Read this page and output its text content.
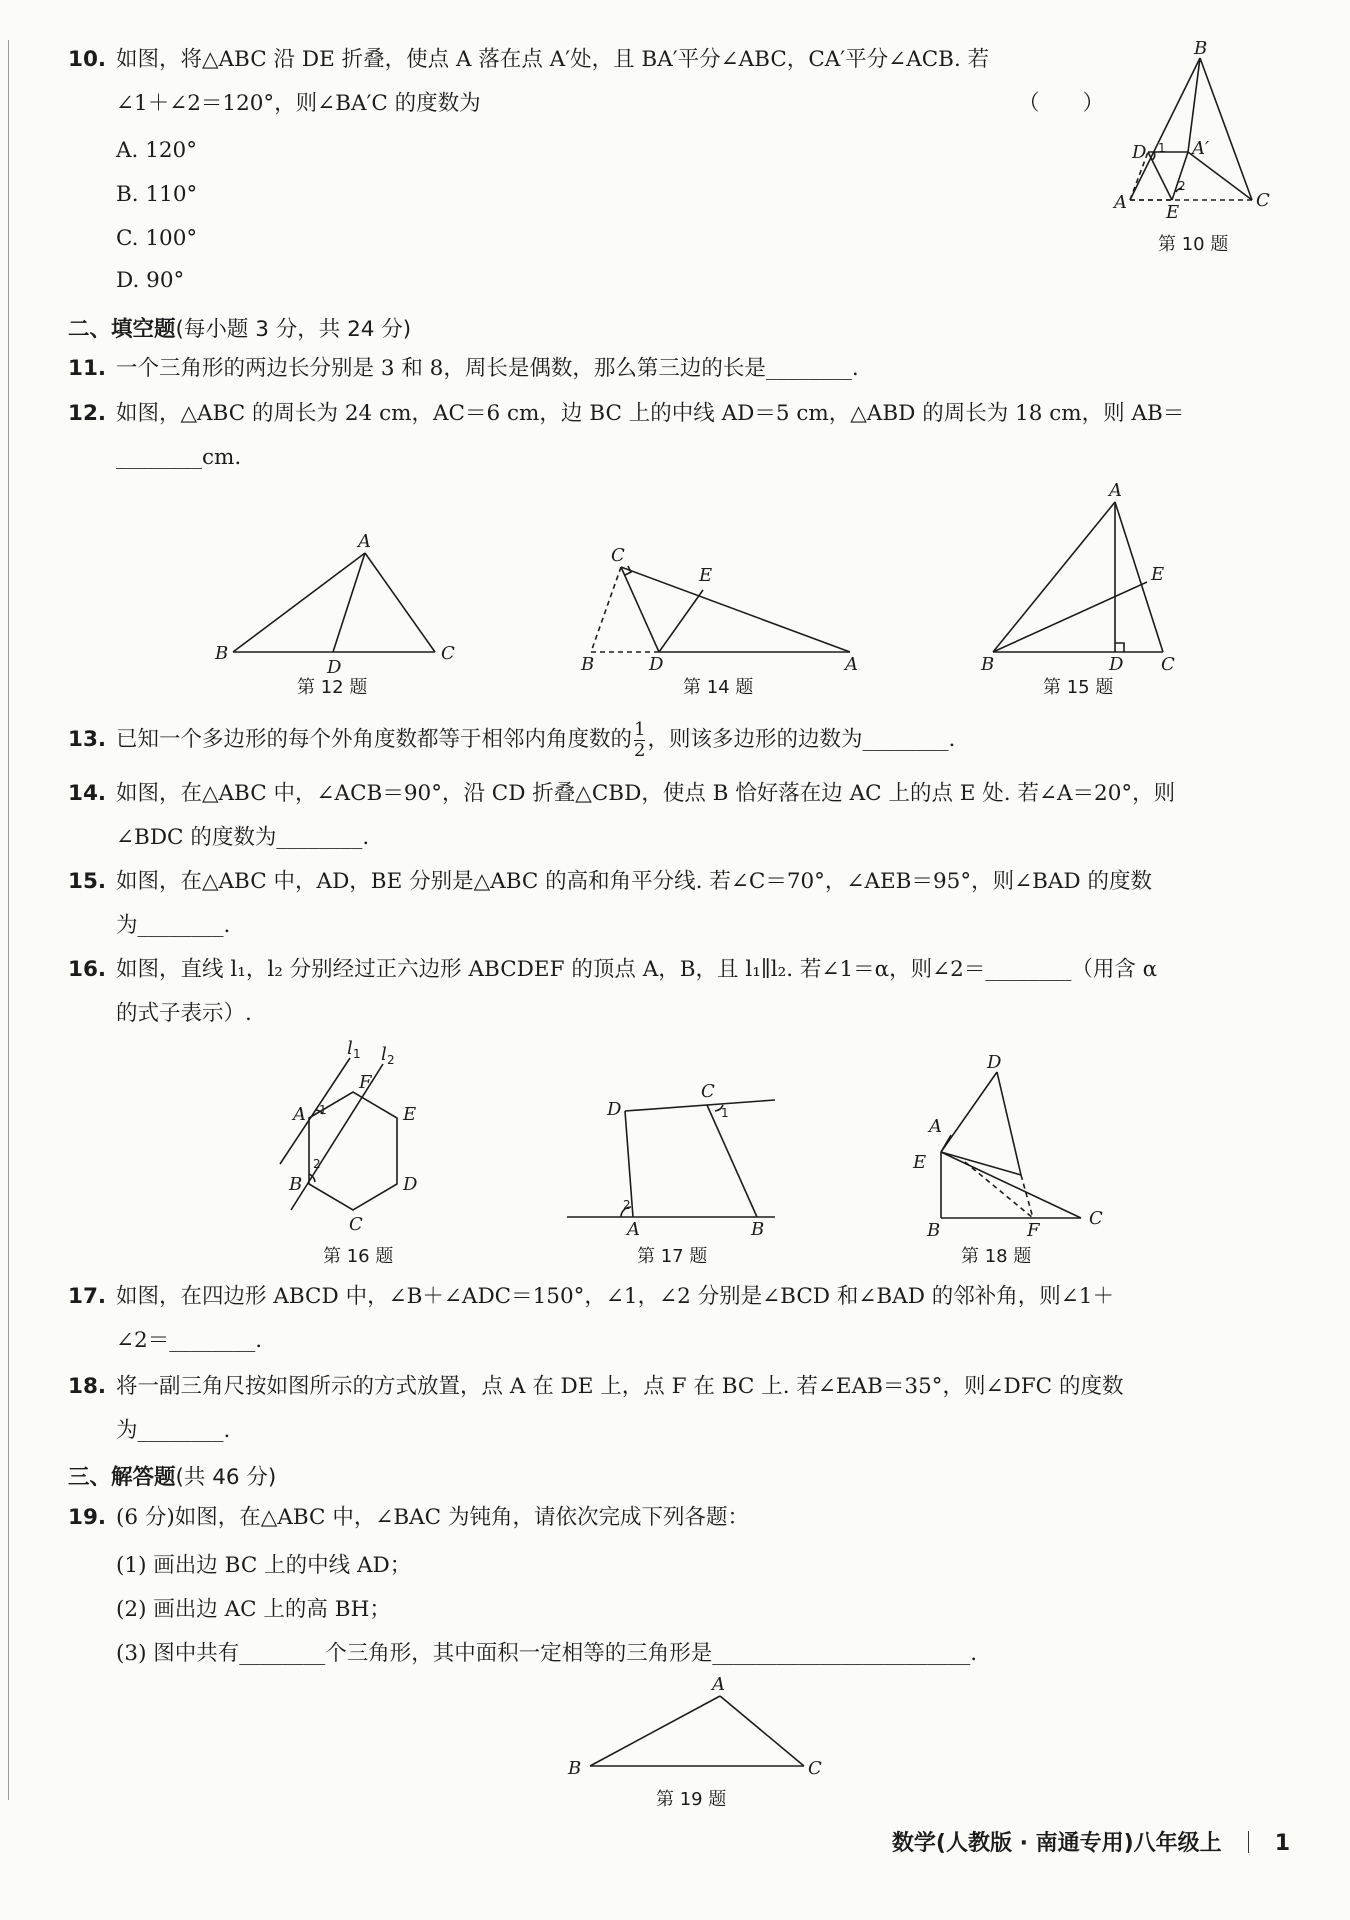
10. 如图，将△ABC 沿 DE 折叠，使点 A 落在点 A′处，且 BA′平分∠ABC，CA′平分∠ACB. 若
∠1＋∠2＝120°，则∠BA′C 的度数为	（　　）
A. 120°
B. 110°
C. 100°
D. 90°
B
D	A′
A E
C
1
2
第 10 题
二、填空题(每小题 3 分，共 24 分)
11. 一个三角形的两边长分别是 3 和 8，周长是偶数，那么第三边的长是________.
12. 如图，△ABC 的周长为 24 cm，AC＝6 cm，边 BC 上的中线 AD＝5 cm，△ABD 的周长为 18 cm，则 AB＝
________cm.
A
B
D
C
第 12 题
C
E
B	D	A
第 14 题
A
E
B	D C
第 15 题
13. 已知一个多边形的每个外角度数都等于相邻内角度数的 $\frac{1}{2}$ ，则该多边形的边数为________.
14. 如图，在△ABC 中，∠ACB＝90°，沿 CD 折叠△CBD，使点 B 恰好落在边 AC 上的点 E 处. 若∠A＝20°，则
∠BDC 的度数为________.
15. 如图，在△ABC 中，AD，BE 分别是△ABC 的高和角平分线. 若∠C＝70°，∠AEB＝95°，则∠BAD 的度数
为________.
16. 如图，直线 l₁，l₂ 分别经过正六边形 ABCDEF 的顶点 A，B，且 l₁∥l₂. 若∠1＝α，则∠2＝________（用含 α
的式子表示）.
l 1 l 2
A
F
E
D
C
B
1
2
第 16 题
D
C
1
2
A	B
第 17 题
D
A
E
B	F
C
第 18 题
17. 如图，在四边形 ABCD 中，∠B＋∠ADC＝150°，∠1，∠2 分别是∠BCD 和∠BAD 的邻补角，则∠1＋
∠2＝________.
18. 将一副三角尺按如图所示的方式放置，点 A 在 DE 上，点 F 在 BC 上. 若∠EAB＝35°，则∠DFC 的度数
为________.
三、解答题(共 46 分)
19. (6 分)如图，在△ABC 中，∠BAC 为钝角，请依次完成下列各题：
(1) 画出边 BC 上的中线 AD；
(2) 画出边 AC 上的高 BH；
(3) 图中共有________个三角形，其中面积一定相等的三角形是________________________.
A
B	C
第 19 题
数学(人教版 · 南通专用)八年级上 1
